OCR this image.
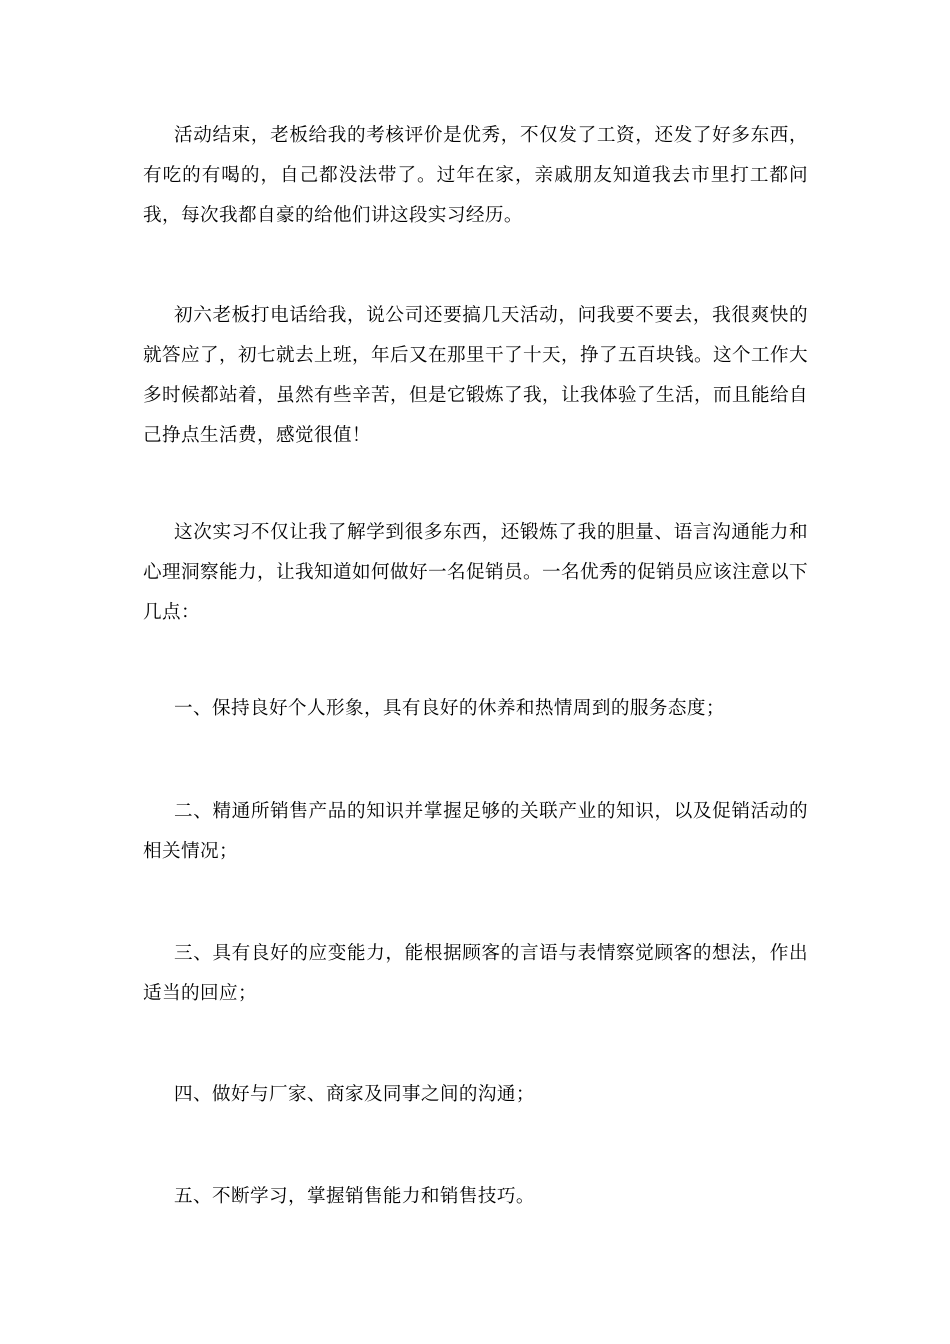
活动结束，老板给我的考核评价是优秀，不仅发了工资，还发了好多东西，有吃的有喝的，自己都没法带了。过年在家，亲戚朋友知道我去市里打工都问我，每次我都自豪的给他们讲这段实习经历。

初六老板打电话给我，说公司还要搞几天活动，问我要不要去，我很爽快的就答应了，初七就去上班，年后又在那里干了十天，挣了五百块钱。这个工作大多时候都站着，虽然有些辛苦，但是它锻炼了我，让我体验了生活，而且能给自己挣点生活费，感觉很值！

这次实习不仅让我了解学到很多东西，还锻炼了我的胆量、语言沟通能力和心理洞察能力，让我知道如何做好一名促销员。一名优秀的促销员应该注意以下几点：

一、保持良好个人形象，具有良好的休养和热情周到的服务态度；

二、精通所销售产品的知识并掌握足够的关联产业的知识，以及促销活动的相关情况；

三、具有良好的应变能力，能根据顾客的言语与表情察觉顾客的想法，作出适当的回应；

四、做好与厂家、商家及同事之间的沟通；

五、不断学习，掌握销售能力和销售技巧。
